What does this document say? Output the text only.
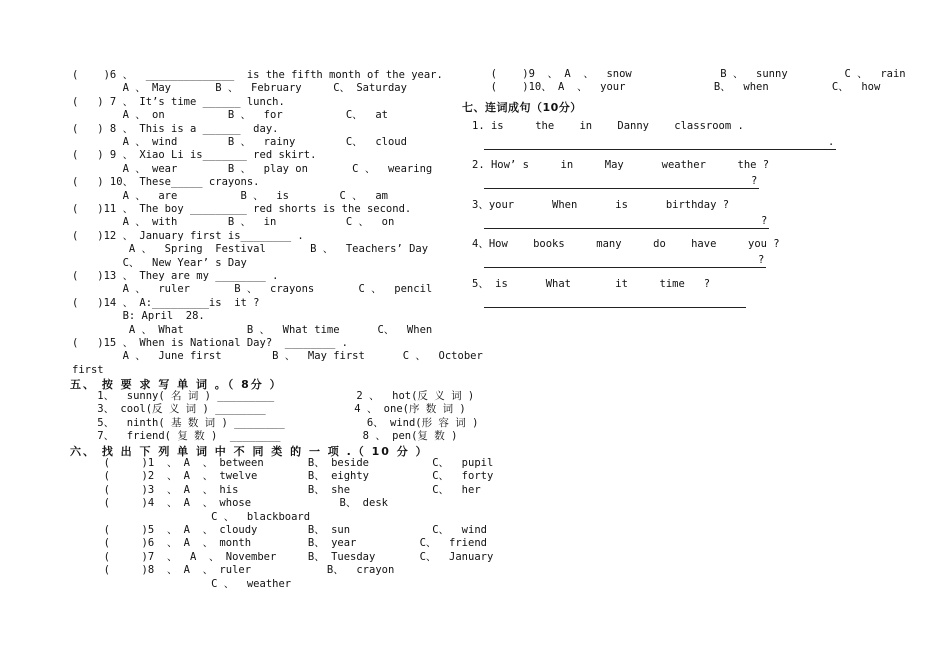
(    )6 、  ______________  is the fifth month of the year.
A 、 May       B 、  February     C、 Saturday
(   ) 7 、 It’s time ______ lunch.
A 、 on          B 、  for          C、  at
(   ) 8 、 This is a ______  day.
A 、 wind        B 、  rainy        C、  cloud
(   ) 9 、 Xiao Li is_______ red skirt.
A 、 wear        B 、  play on       C 、  wearing
(   ) 10、 These_____ crayons.
A 、  are          B 、  is        C 、  am
(   )11 、 The boy _________ red shorts is the second.
A 、 with        B 、  in           C 、  on
(   )12 、 January first is________ .
A 、  Spring  Festival       B 、  Teachers’ Day
C、  New Year’ s Day
(   )13 、 They are my ________ .
A 、  ruler       B 、  crayons       C 、  pencil
(   )14 、 A:_________is  it ?
B: April  28.
A 、 What          B 、  What time      C、  When
(   )15 、 When is National Day?  ________ .
A 、  June first        B 、  May first      C 、  October
first
五、 按 要 求 写 单 词 。（ 8分 ）
1、  sunny( 名 词 ) _________             2 、  hot(反 义 词 )
3、 cool(反 义 词 ) ________              4 、 one(序 数 词 )
5、  ninth( 基 数 词 ) ________             6、 wind(形 容 词 )
7、  friend( 复 数 )  ________             8 、 pen(复 数 )
六、 找 出 下 列 单 词 中 不 同 类 的 一 项 .（ 10 分 ）
(     )1  、 A  、 between       B、 beside          C、  pupil
(     )2  、 A  、 twelve        B、 eighty          C、  forty
(     )3  、 A  、 his           B、 she             C、  her
(     )4  、 A  、 whose              B、 desk
C 、  blackboard
(     )5  、 A  、 cloudy        B、 sun             C、  wind
(     )6  、 A  、 month         B、 year          C、  friend
(     )7  、  A  、 November     B、 Tuesday       C、  January
(     )8  、 A  、 ruler            B、  crayon
C 、  weather
(    )9  、 A  、  snow              B 、  sunny         C 、  rain
(    )10、 A  、  your              B、  when          C、  how
七、连词成句（10分）
1. is     the    in    Danny    classroom .
.
2. How’ s     in     May      weather     the ?
?
3、your      When      is      birthday ?
?
4、How    books     many     do    have     you ?
?
5、 is      What       it     time   ?
